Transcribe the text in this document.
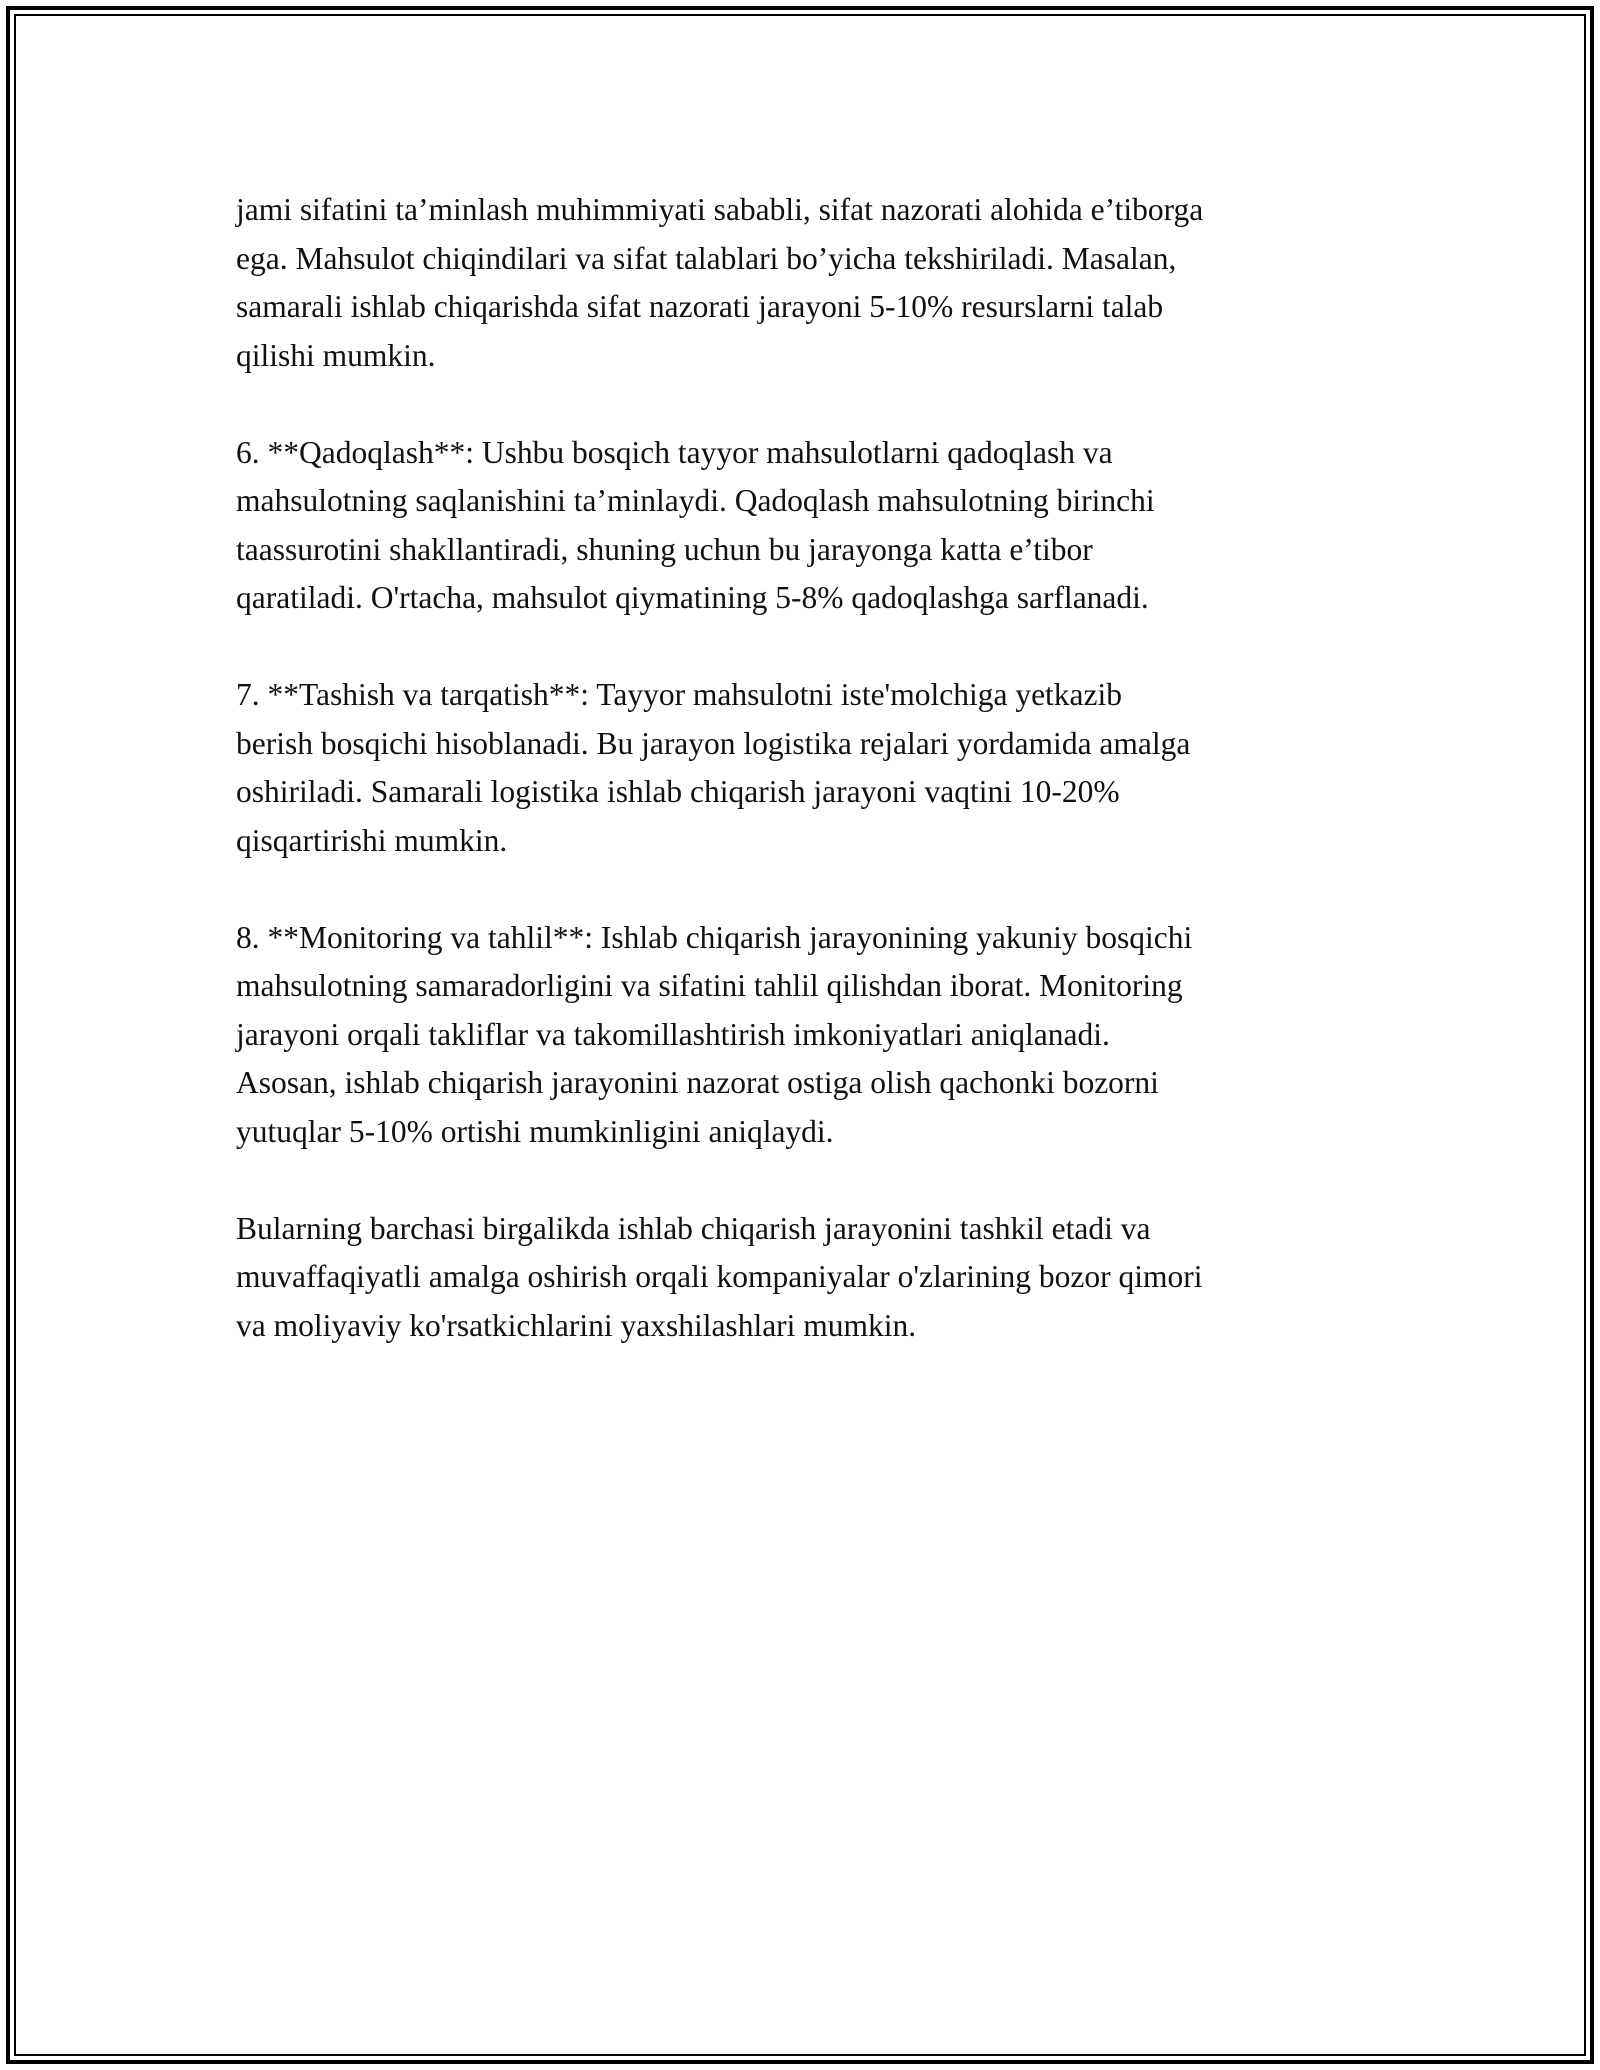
jami sifatini ta’minlash muhimmiyati sababli, sifat nazorati alohida e’tiborga
ega. Mahsulot chiqindilari va sifat talablari bo’yicha tekshiriladi. Masalan,
samarali ishlab chiqarishda sifat nazorati jarayoni 5-10% resurslarni talab
qilishi mumkin.

6. **Qadoqlash**: Ushbu bosqich tayyor mahsulotlarni qadoqlash va
mahsulotning saqlanishini ta’minlaydi. Qadoqlash mahsulotning birinchi
taassurotini shakllantiradi, shuning uchun bu jarayonga katta e’tibor
qaratiladi. O'rtacha, mahsulot qiymatining 5-8% qadoqlashga sarflanadi.

7. **Tashish va tarqatish**: Tayyor mahsulotni iste'molchiga yetkazib
berish bosqichi hisoblanadi. Bu jarayon logistika rejalari yordamida amalga
oshiriladi. Samarali logistika ishlab chiqarish jarayoni vaqtini 10-20%
qisqartirishi mumkin.

8. **Monitoring va tahlil**: Ishlab chiqarish jarayonining yakuniy bosqichi
mahsulotning samaradorligini va sifatini tahlil qilishdan iborat. Monitoring
jarayoni orqali takliflar va takomillashtirish imkoniyatlari aniqlanadi.
Asosan, ishlab chiqarish jarayonini nazorat ostiga olish qachonki bozorni
yutuqlar 5-10% ortishi mumkinligini aniqlaydi.

Bularning barchasi birgalikda ishlab chiqarish jarayonini tashkil etadi va
muvaffaqiyatli amalga oshirish orqali kompaniyalar o'zlarining bozor qimori
va moliyaviy ko'rsatkichlarini yaxshilashlari mumkin.
